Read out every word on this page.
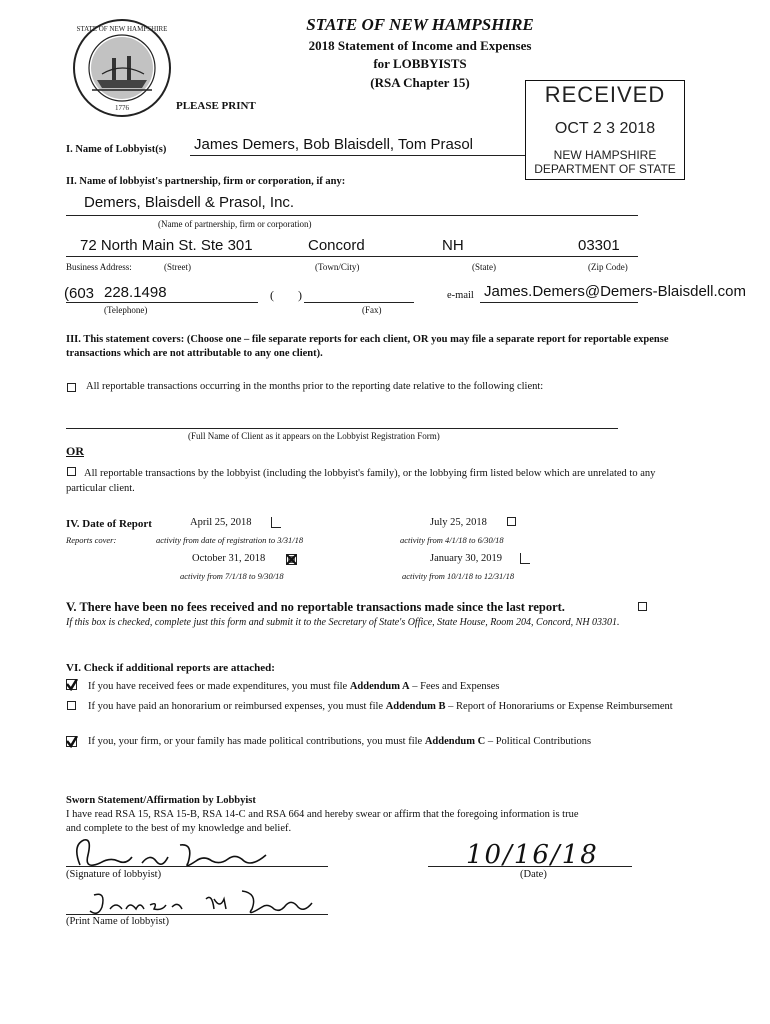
STATE OF NEW HAMPSHIRE
1776
STATE OF NEW HAMPSHIRE
2018 Statement of Income and Expenses
for LOBBYISTS
(RSA Chapter 15)
PLEASE PRINT	RECEIVED
OCT 2 3 2018
NEW HAMPSHIRE
DEPARTMENT OF STATE
I. Name of Lobbyist(s) James Demers, Bob Blaisdell, Tom Prasol
II. Name of lobbyist's partnership, firm or corporation, if any:
Demers, Blaisdell & Prasol, Inc.
(Name of partnership, firm or corporation)
72 North Main St. Ste 301	Concord	NH	03301
Business Address:	(Street)	(Town/City)	(State)	(Zip Code)
(603 228.1498	( )	e-mail James.Demers@Demers-Blaisdell.com
(Telephone)	(Fax)
III. This statement covers: (Choose one – file separate reports for each client, OR you may file a separate report for reportable expense transactions which are not attributable to any one client).
All reportable transactions occurring in the months prior to the reporting date relative to the following client:
(Full Name of Client as it appears on the Lobbyist Registration Form)
OR
All reportable transactions by the lobbyist (including the lobbyist's family), or the lobbying firm listed below which are unrelated to any particular client.
IV. Date of Report
Reports cover:
April 25, 2018
activity from date of registration to 3/31/18
July 25, 2018
activity from 4/1/18 to 6/30/18
October 31, 2018
activity from 7/1/18 to 9/30/18
January 30, 2019
activity from 10/1/18 to 12/31/18
V. There have been no fees received and no reportable transactions made since the last report.
If this box is checked, complete just this form and submit it to the Secretary of State's Office, State House, Room 204, Concord, NH 03301.
VI. Check if additional reports are attached:
If you have received fees or made expenditures, you must file Addendum A – Fees and Expenses
If you have paid an honorarium or reimbursed expenses, you must file Addendum B – Report of Honorariums or Expense Reimbursement
If you, your firm, or your family has made political contributions, you must file Addendum C – Political Contributions
Sworn Statement/Affirmation by Lobbyist
I have read RSA 15, RSA 15-B, RSA 14-C and RSA 664 and hereby swear or affirm that the foregoing information is true
and complete to the best of my knowledge and belief.
(Signature of lobbyist)
10/16/18
(Date)
(Print Name of lobbyist)
